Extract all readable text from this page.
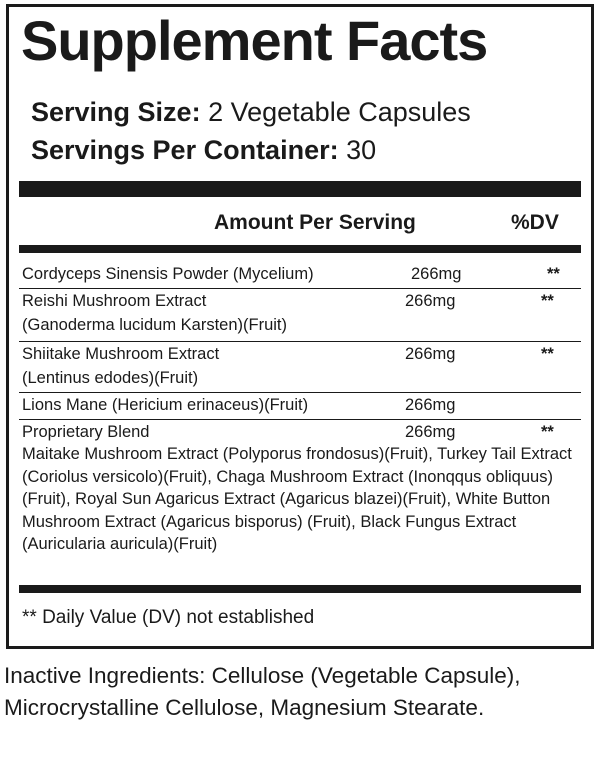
Supplement Facts
Serving Size: 2 Vegetable Capsules
Servings Per Container: 30
Amount Per Serving	%DV
Cordyceps Sinensis Powder (Mycelium)	266mg	**
Reishi Mushroom Extract
(Ganoderma lucidum Karsten)(Fruit)
266mg	**
Shiitake Mushroom Extract
(Lentinus edodes)(Fruit)
266mg	**
Lions Mane (Hericium erinaceus)(Fruit)	266mg
Proprietary Blend	266mg	**
Maitake Mushroom Extract (Polyporus frondosus)(Fruit), Turkey Tail Extract (Coriolus versicolo)(Fruit), Chaga Mushroom Extract (Inonqqus obliquus)(Fruit), Royal Sun Agaricus Extract (Agaricus blazei)(Fruit), White Button Mushroom Extract (Agaricus bisporus) (Fruit), Black Fungus Extract (Auricularia auricula)(Fruit)
** Daily Value (DV) not established
Inactive Ingredients: Cellulose (Vegetable Capsule), Microcrystalline Cellulose, Magnesium Stearate.
